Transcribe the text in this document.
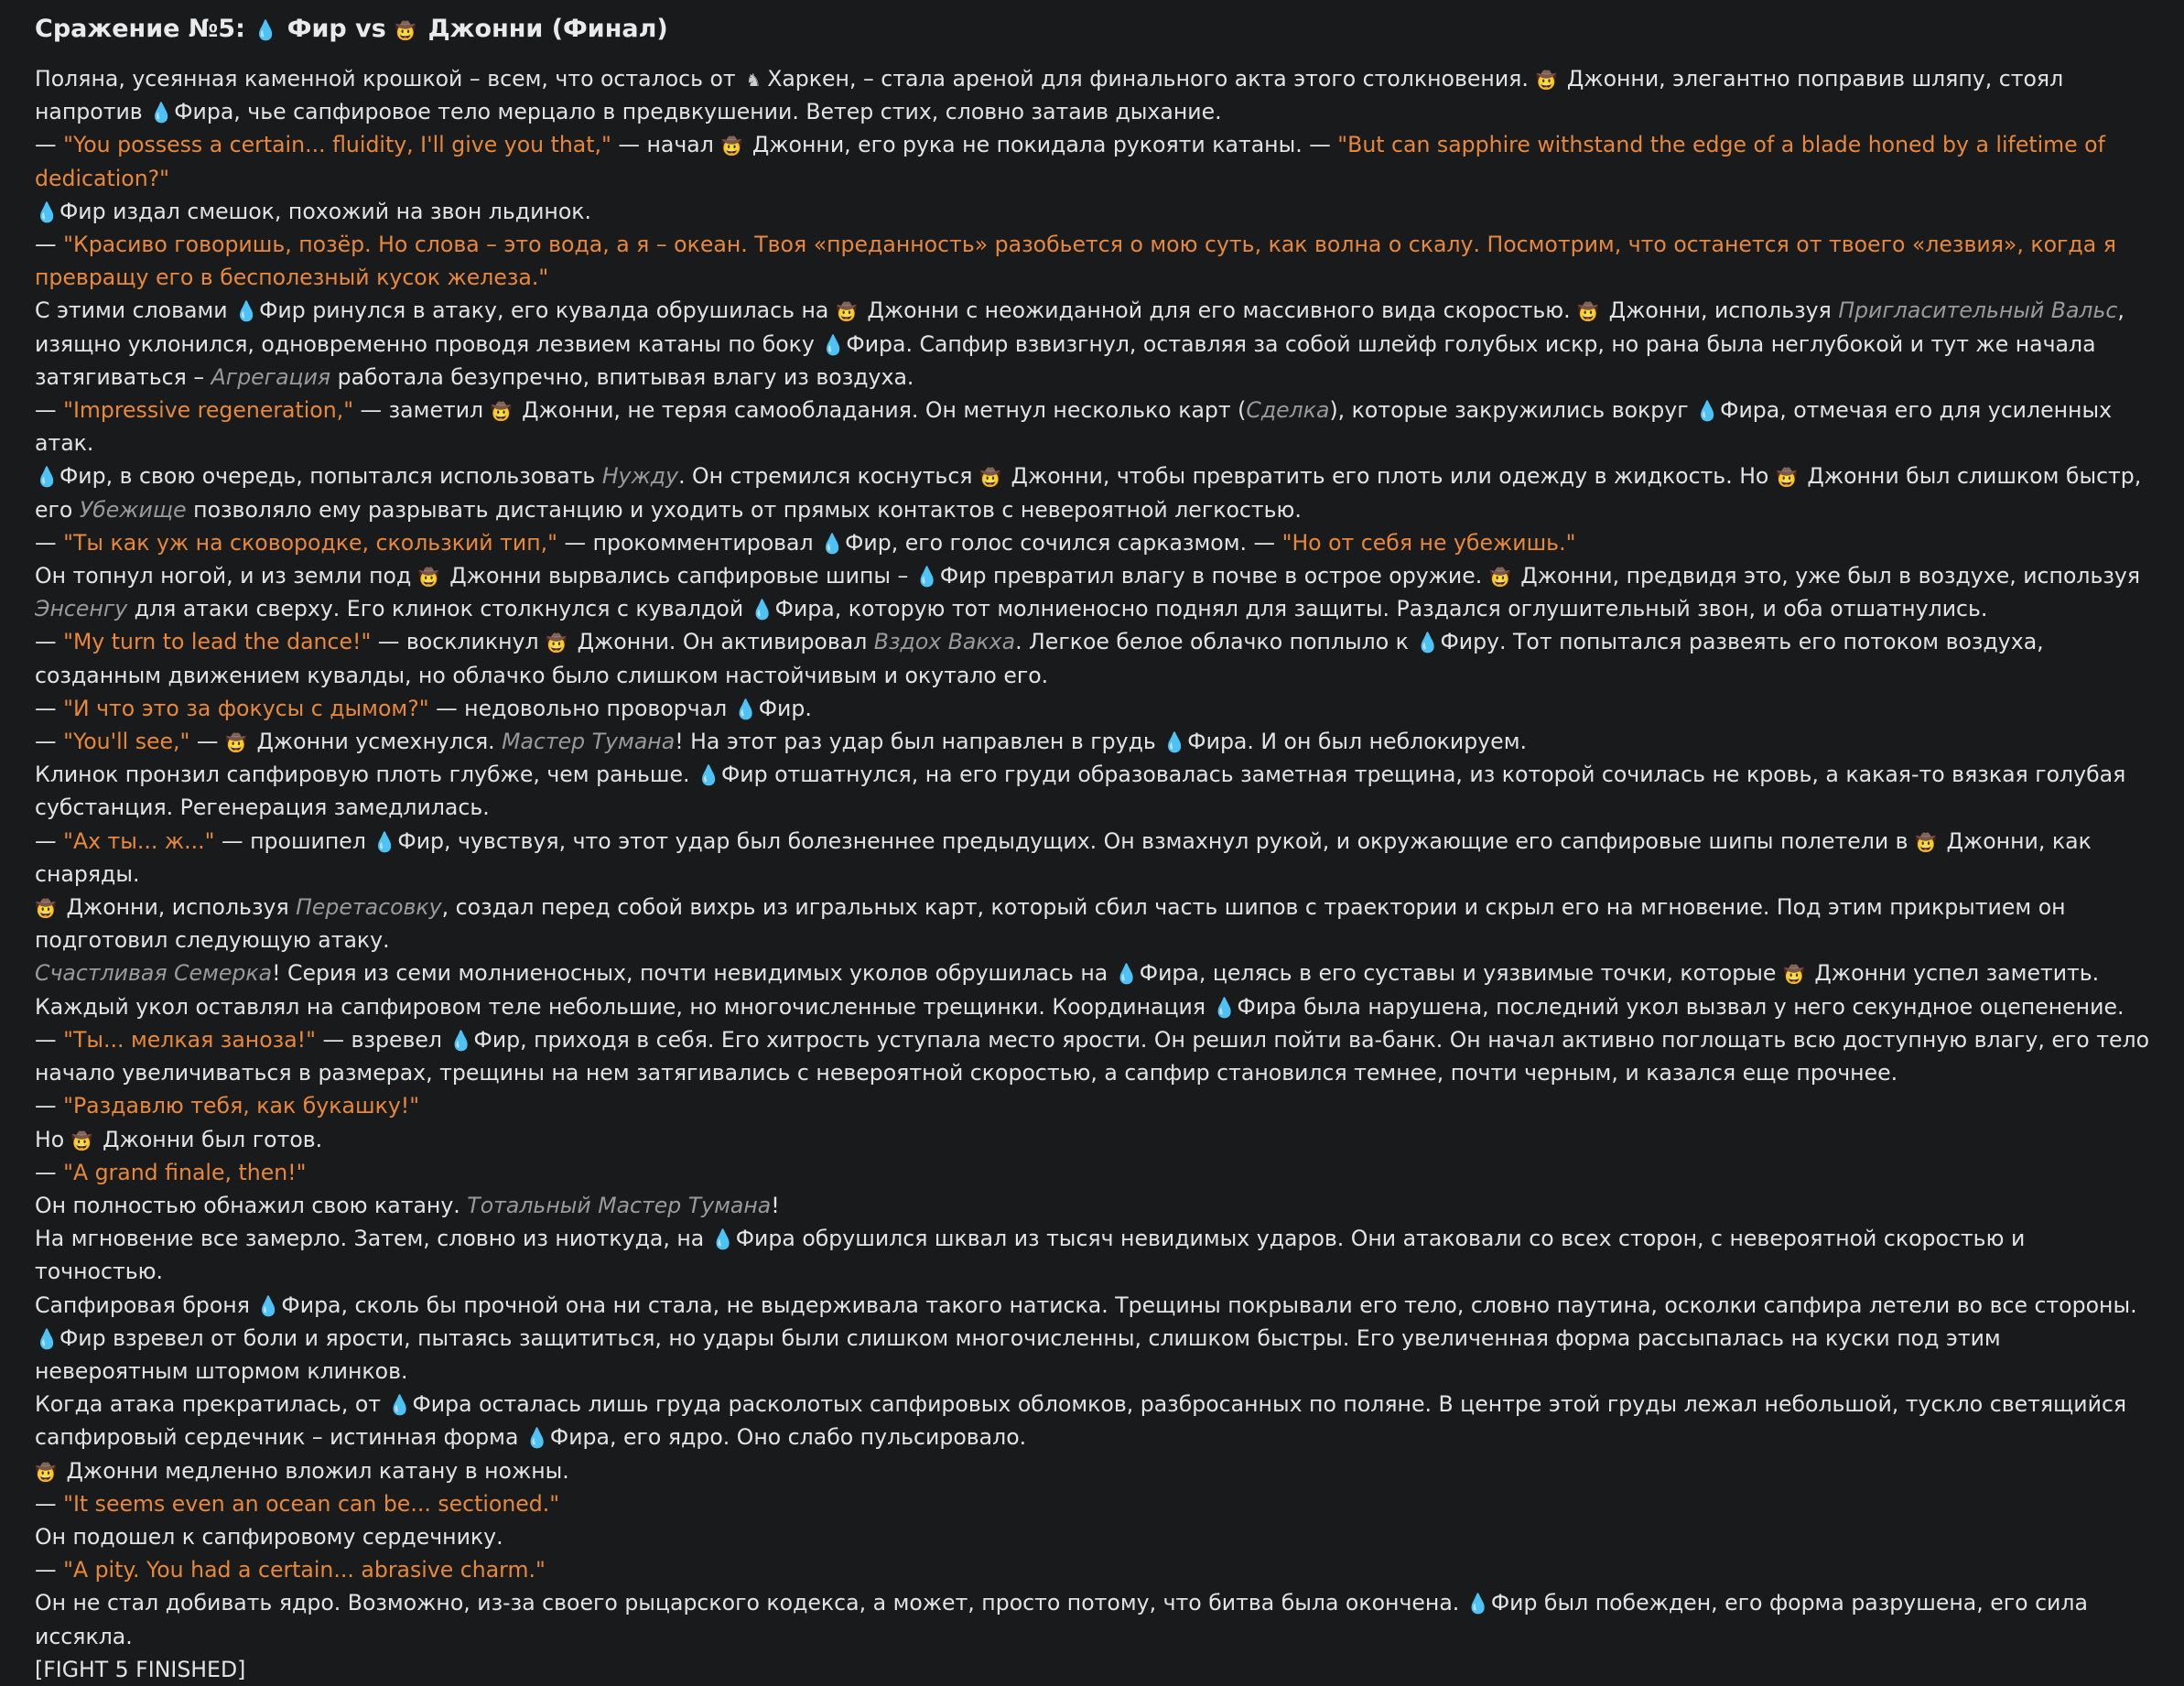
Сражение №5: 💧 Фир vs 🤠 Джонни (Финал)
Поляна, усеянная каменной крошкой – всем, что осталось от ♞ Харкен, – стала ареной для финального акта этого столкновения. 🤠 Джонни, элегантно поправив шляпу, стоял напротив 💧Фира, чье сапфировое тело мерцало в предвкушении. Ветер стих, словно затаив дыхание.
— "You possess a certain... fluidity, I'll give you that," — начал 🤠 Джонни, его рука не покидала рукояти катаны. — "But can sapphire withstand the edge of a blade honed by a lifetime of dedication?"
💧Фир издал смешок, похожий на звон льдинок.
— "Красиво говоришь, позёр. Но слова – это вода, а я – океан. Твоя «преданность» разобьется о мою суть, как волна о скалу. Посмотрим, что останется от твоего «лезвия», когда я превращу его в бесполезный кусок железа."
С этими словами 💧Фир ринулся в атаку, его кувалда обрушилась на 🤠 Джонни с неожиданной для его массивного вида скоростью. 🤠 Джонни, используя Пригласительный Вальс, изящно уклонился, одновременно проводя лезвием катаны по боку 💧Фира. Сапфир взвизгнул, оставляя за собой шлейф голубых искр, но рана была неглубокой и тут же начала затягиваться – Агрегация работала безупречно, впитывая влагу из воздуха.
— "Impressive regeneration," — заметил 🤠 Джонни, не теряя самообладания. Он метнул несколько карт (Сделка), которые закружились вокруг 💧Фира, отмечая его для усиленных атак.
💧Фир, в свою очередь, попытался использовать Нужду. Он стремился коснуться 🤠 Джонни, чтобы превратить его плоть или одежду в жидкость. Но 🤠 Джонни был слишком быстр, его Убежище позволяло ему разрывать дистанцию и уходить от прямых контактов с невероятной легкостью.
— "Ты как уж на сковородке, скользкий тип," — прокомментировал 💧Фир, его голос сочился сарказмом. — "Но от себя не убежишь."
Он топнул ногой, и из земли под 🤠 Джонни вырвались сапфировые шипы – 💧Фир превратил влагу в почве в острое оружие. 🤠 Джонни, предвидя это, уже был в воздухе, используя Энсенгу для атаки сверху. Его клинок столкнулся с кувалдой 💧Фира, которую тот молниеносно поднял для защиты. Раздался оглушительный звон, и оба отшатнулись.
— "My turn to lead the dance!" — воскликнул 🤠 Джонни. Он активировал Вздох Вакха. Легкое белое облачко поплыло к 💧Фиру. Тот попытался развеять его потоком воздуха, созданным движением кувалды, но облачко было слишком настойчивым и окутало его.
— "И что это за фокусы с дымом?" — недовольно проворчал 💧Фир.
— "You'll see," — 🤠 Джонни усмехнулся. Мастер Тумана! На этот раз удар был направлен в грудь 💧Фира. И он был неблокируем.
Клинок пронзил сапфировую плоть глубже, чем раньше. 💧Фир отшатнулся, на его груди образовалась заметная трещина, из которой сочилась не кровь, а какая-то вязкая голубая субстанция. Регенерация замедлилась.
— "Ах ты... ж..." — прошипел 💧Фир, чувствуя, что этот удар был болезненнее предыдущих. Он взмахнул рукой, и окружающие его сапфировые шипы полетели в 🤠 Джонни, как снаряды.
🤠 Джонни, используя Перетасовку, создал перед собой вихрь из игральных карт, который сбил часть шипов с траектории и скрыл его на мгновение. Под этим прикрытием он подготовил следующую атаку.
Счастливая Семерка! Серия из семи молниеносных, почти невидимых уколов обрушилась на 💧Фира, целясь в его суставы и уязвимые точки, которые 🤠 Джонни успел заметить. Каждый укол оставлял на сапфировом теле небольшие, но многочисленные трещинки. Координация 💧Фира была нарушена, последний укол вызвал у него секундное оцепенение.
— "Ты... мелкая заноза!" — взревел 💧Фир, приходя в себя. Его хитрость уступала место ярости. Он решил пойти ва-банк. Он начал активно поглощать всю доступную влагу, его тело начало увеличиваться в размерах, трещины на нем затягивались с невероятной скоростью, а сапфир становился темнее, почти черным, и казался еще прочнее.
— "Раздавлю тебя, как букашку!"
Но 🤠 Джонни был готов.
— "A grand finale, then!"
Он полностью обнажил свою катану. Тотальный Мастер Тумана!
На мгновение все замерло. Затем, словно из ниоткуда, на 💧Фира обрушился шквал из тысяч невидимых ударов. Они атаковали со всех сторон, с невероятной скоростью и точностью.
Сапфировая броня 💧Фира, сколь бы прочной она ни стала, не выдерживала такого натиска. Трещины покрывали его тело, словно паутина, осколки сапфира летели во все стороны.
💧Фир взревел от боли и ярости, пытаясь защититься, но удары были слишком многочисленны, слишком быстры. Его увеличенная форма рассыпалась на куски под этим невероятным штормом клинков.
Когда атака прекратилась, от 💧Фира осталась лишь груда расколотых сапфировых обломков, разбросанных по поляне. В центре этой груды лежал небольшой, тускло светящийся сапфировый сердечник – истинная форма 💧Фира, его ядро. Оно слабо пульсировало.
🤠 Джонни медленно вложил катану в ножны.
— "It seems even an ocean can be... sectioned."
Он подошел к сапфировому сердечнику.
— "A pity. You had a certain... abrasive charm."
Он не стал добивать ядро. Возможно, из-за своего рыцарского кодекса, а может, просто потому, что битва была окончена. 💧Фир был побежден, его форма разрушена, его сила иссякла.
[FIGHT 5 FINISHED]
